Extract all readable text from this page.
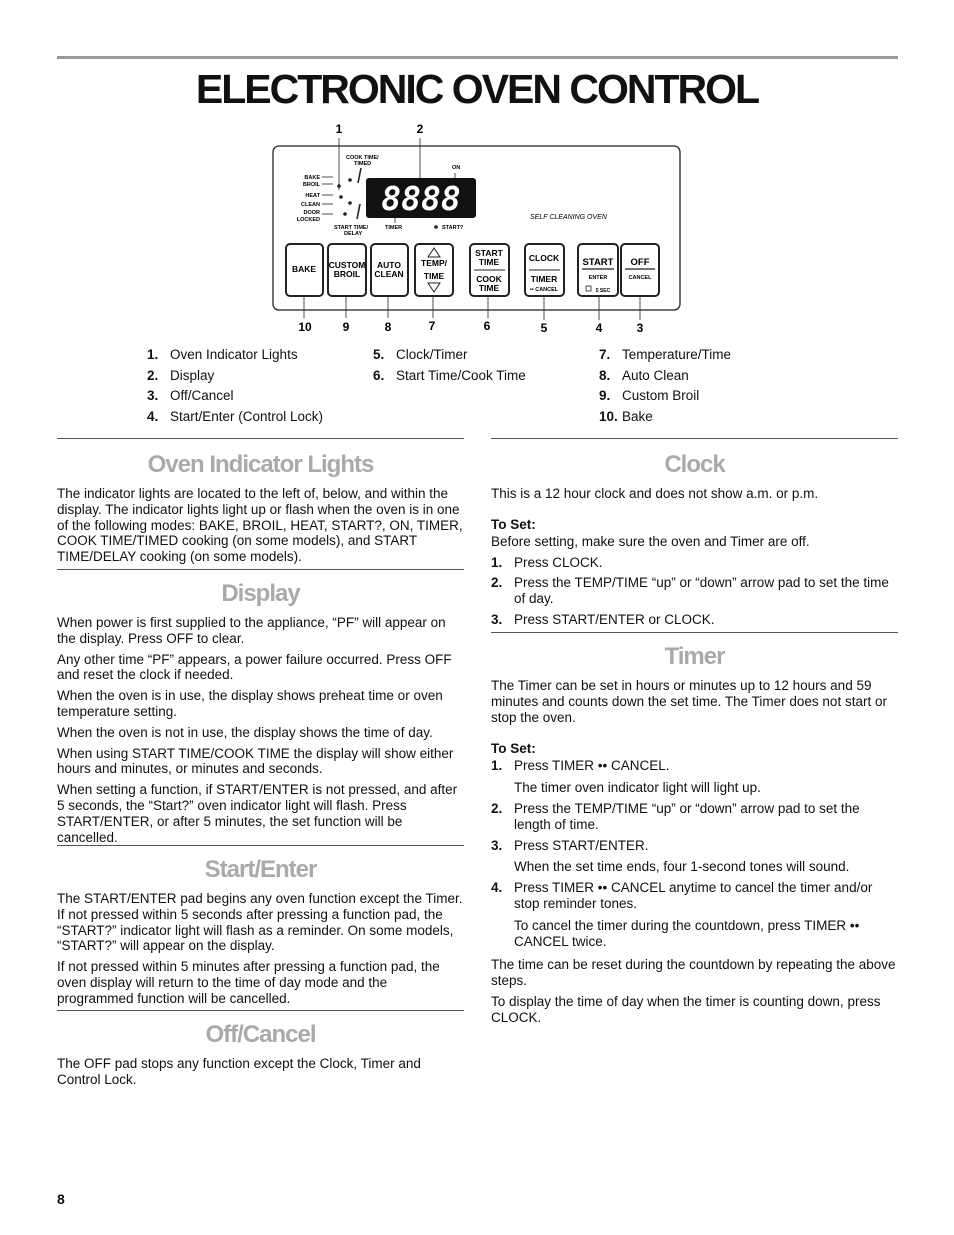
ELECTRONIC OVEN CONTROL
1	2
BAKE
BROIL
HEAT
CLEAN
DOOR
LOCKED
COOK TIME/
TIMED
ON
START TIME/
DELAY
TIMER	START?
8888	SELF CLEANING OVEN
BAKE CUSTOM
BROIL
AUTO
CLEAN
TEMP/
TIME
START
TIME
COOK
TIME
CLOCK
TIMER
•• CANCEL
START
ENTER
5 SEC
OFF
CANCEL
10	9	8	7	6	5	4	3
1. Oven Indicator Lights
2. Display
3. Off/Cancel
4. Start/Enter (Control Lock)
5. Clock/Timer
6. Start Time/Cook Time
7. Temperature/Time
8. Auto Clean
9. Custom Broil
10. Bake
Oven Indicator Lights

The indicator lights are located to the left of, below, and within the display. The indicator lights light up or flash when the oven is in one of the following modes: BAKE, BROIL, HEAT, START?, ON, TIMER, COOK TIME/TIMED cooking (on some models), and START TIME/DELAY cooking (on some models).

Display

When power is first supplied to the appliance, “PF” will appear on the display. Press OFF to clear.

Any other time “PF” appears, a power failure occurred. Press OFF and reset the clock if needed.

When the oven is in use, the display shows preheat time or oven temperature setting.

When the oven is not in use, the display shows the time of day.

When using START TIME/COOK TIME the display will show either hours and minutes, or minutes and seconds.

When setting a function, if START/ENTER is not pressed, and after 5 seconds, the “Start?” oven indicator light will flash. Press START/ENTER, or after 5 minutes, the set function will be cancelled.

Start/Enter

The START/ENTER pad begins any oven function except the Timer. If not pressed within 5 seconds after pressing a function pad, the “START?” indicator light will flash as a reminder. On some models, “START?” will appear on the display.

If not pressed within 5 minutes after pressing a function pad, the oven display will return to the time of day mode and the programmed function will be cancelled.

Off/Cancel

The OFF pad stops any function except the Clock, Timer and Control Lock.

Clock

This is a 12 hour clock and does not show a.m. or p.m.

To Set:

Before setting, make sure the oven and Timer are off.

1. Press CLOCK.
2. Press the TEMP/TIME “up” or “down” arrow pad to set the time of day.
3. Press START/ENTER or CLOCK.
Timer

The Timer can be set in hours or minutes up to 12 hours and 59 minutes and counts down the set time. The Timer does not start or stop the oven.

To Set:
1. Press TIMER •• CANCEL.
The timer oven indicator light will light up.
2. Press the TEMP/TIME “up” or “down” arrow pad to set the length of time.
3. Press START/ENTER.
When the set time ends, four 1-second tones will sound.
4. Press TIMER •• CANCEL anytime to cancel the timer and/or stop reminder tones.
To cancel the timer during the countdown, press TIMER •• CANCEL twice.

The time can be reset during the countdown by repeating the above steps.

To display the time of day when the timer is counting down, press CLOCK.

8
